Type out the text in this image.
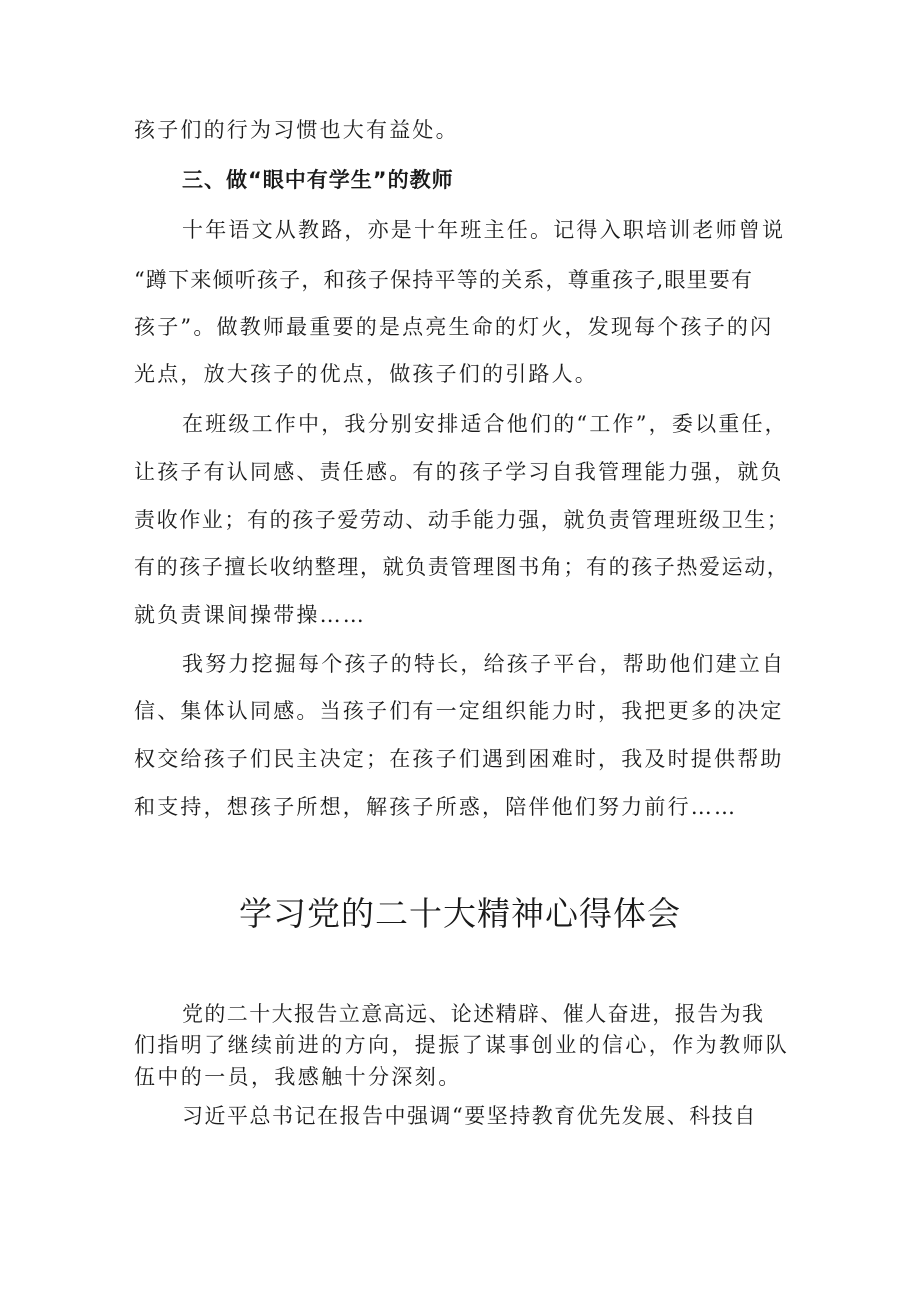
孩子们的行为习惯也大有益处。
三、做“眼中有学生”的教师
十年语文从教路，亦是十年班主任。记得入职培训老师曾说
“蹲下来倾听孩子，和孩子保持平等的关系，尊重孩子,眼里要有
孩子”。做教师最重要的是点亮生命的灯火，发现每个孩子的闪
光点，放大孩子的优点，做孩子们的引路人。
在班级工作中，我分别安排适合他们的“工作”，委以重任，
让孩子有认同感、责任感。有的孩子学习自我管理能力强，就负
责收作业；有的孩子爱劳动、动手能力强，就负责管理班级卫生；
有的孩子擅长收纳整理，就负责管理图书角；有的孩子热爱运动，
就负责课间操带操……
我努力挖掘每个孩子的特长，给孩子平台，帮助他们建立自
信、集体认同感。当孩子们有一定组织能力时，我把更多的决定
权交给孩子们民主决定；在孩子们遇到困难时，我及时提供帮助
和支持，想孩子所想，解孩子所惑，陪伴他们努力前行……
学习党的二十大精神心得体会
党的二十大报告立意高远、论述精辟、催人奋进，报告为我
们指明了继续前进的方向，提振了谋事创业的信心，作为教师队
伍中的一员，我感触十分深刻。
习近平总书记在报告中强调“要坚持教育优先发展、科技自
